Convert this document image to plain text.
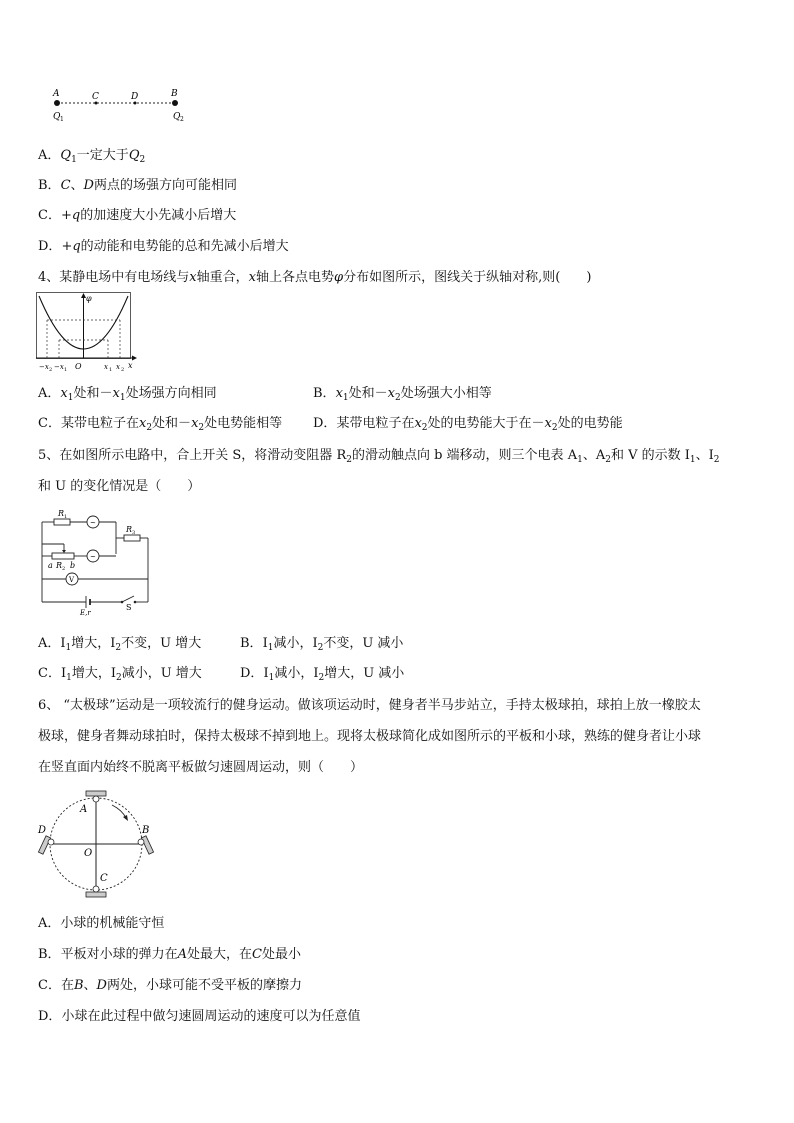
A	C	D	B
Q 1	Q 2
A．$Q_1$一定大于$Q_2$
B．C、D两点的场强方向可能相同
C．+q的加速度大小先减小后增大
D．+q的动能和电势能的总和先减小后增大
4、某静电场中有电场线与x轴重合，x轴上各点电势φ分布如图所示，图线关于纵轴对称,则(　　)
φ
x
−x 2 −x 1 O	x 1 x 2
A．$x_1$处和$-x_1$处场强方向相同	B．$x_1$处和$-x_2$处场强大小相等
C．某带电粒子在$x_2$处和$-x_2$处电势能相等 D．某带电粒子在$x_2$处的电势能大于在$-x_2$处的电势能
5、在如图所示电路中，合上开关 S，将滑动变阻器 $R_2$的滑动触点向 b 端移动，则三个电表 $A_1$、$A_2$和 V 的示数 $I_1$、$I_2$
和 U 的变化情况是（　　）
~
~
R 1
R 3
a R 2 b
V
E,r
S
A．$I_1$增大，$I_2$不变，U 增大	B．$I_1$减小，$I_2$不变，U 减小
C．$I_1$增大，$I_2$减小，U 增大	D．$I_1$减小，$I_2$增大，U 减小
6、 “太极球”运动是一项较流行的健身运动。做该项运动时，健身者半马步站立，手持太极球拍，球拍上放一橡胶太
极球，健身者舞动球拍时，保持太极球不掉到地上。现将太极球简化成如图所示的平板和小球，熟练的健身者让小球
在竖直面内始终不脱离平板做匀速圆周运动，则（　　）
A
B
C
D
O
A．小球的机械能守恒
B．平板对小球的弹力在A处最大，在C处最小
C．在B、D两处，小球可能不受平板的摩擦力
D．小球在此过程中做匀速圆周运动的速度可以为任意值
